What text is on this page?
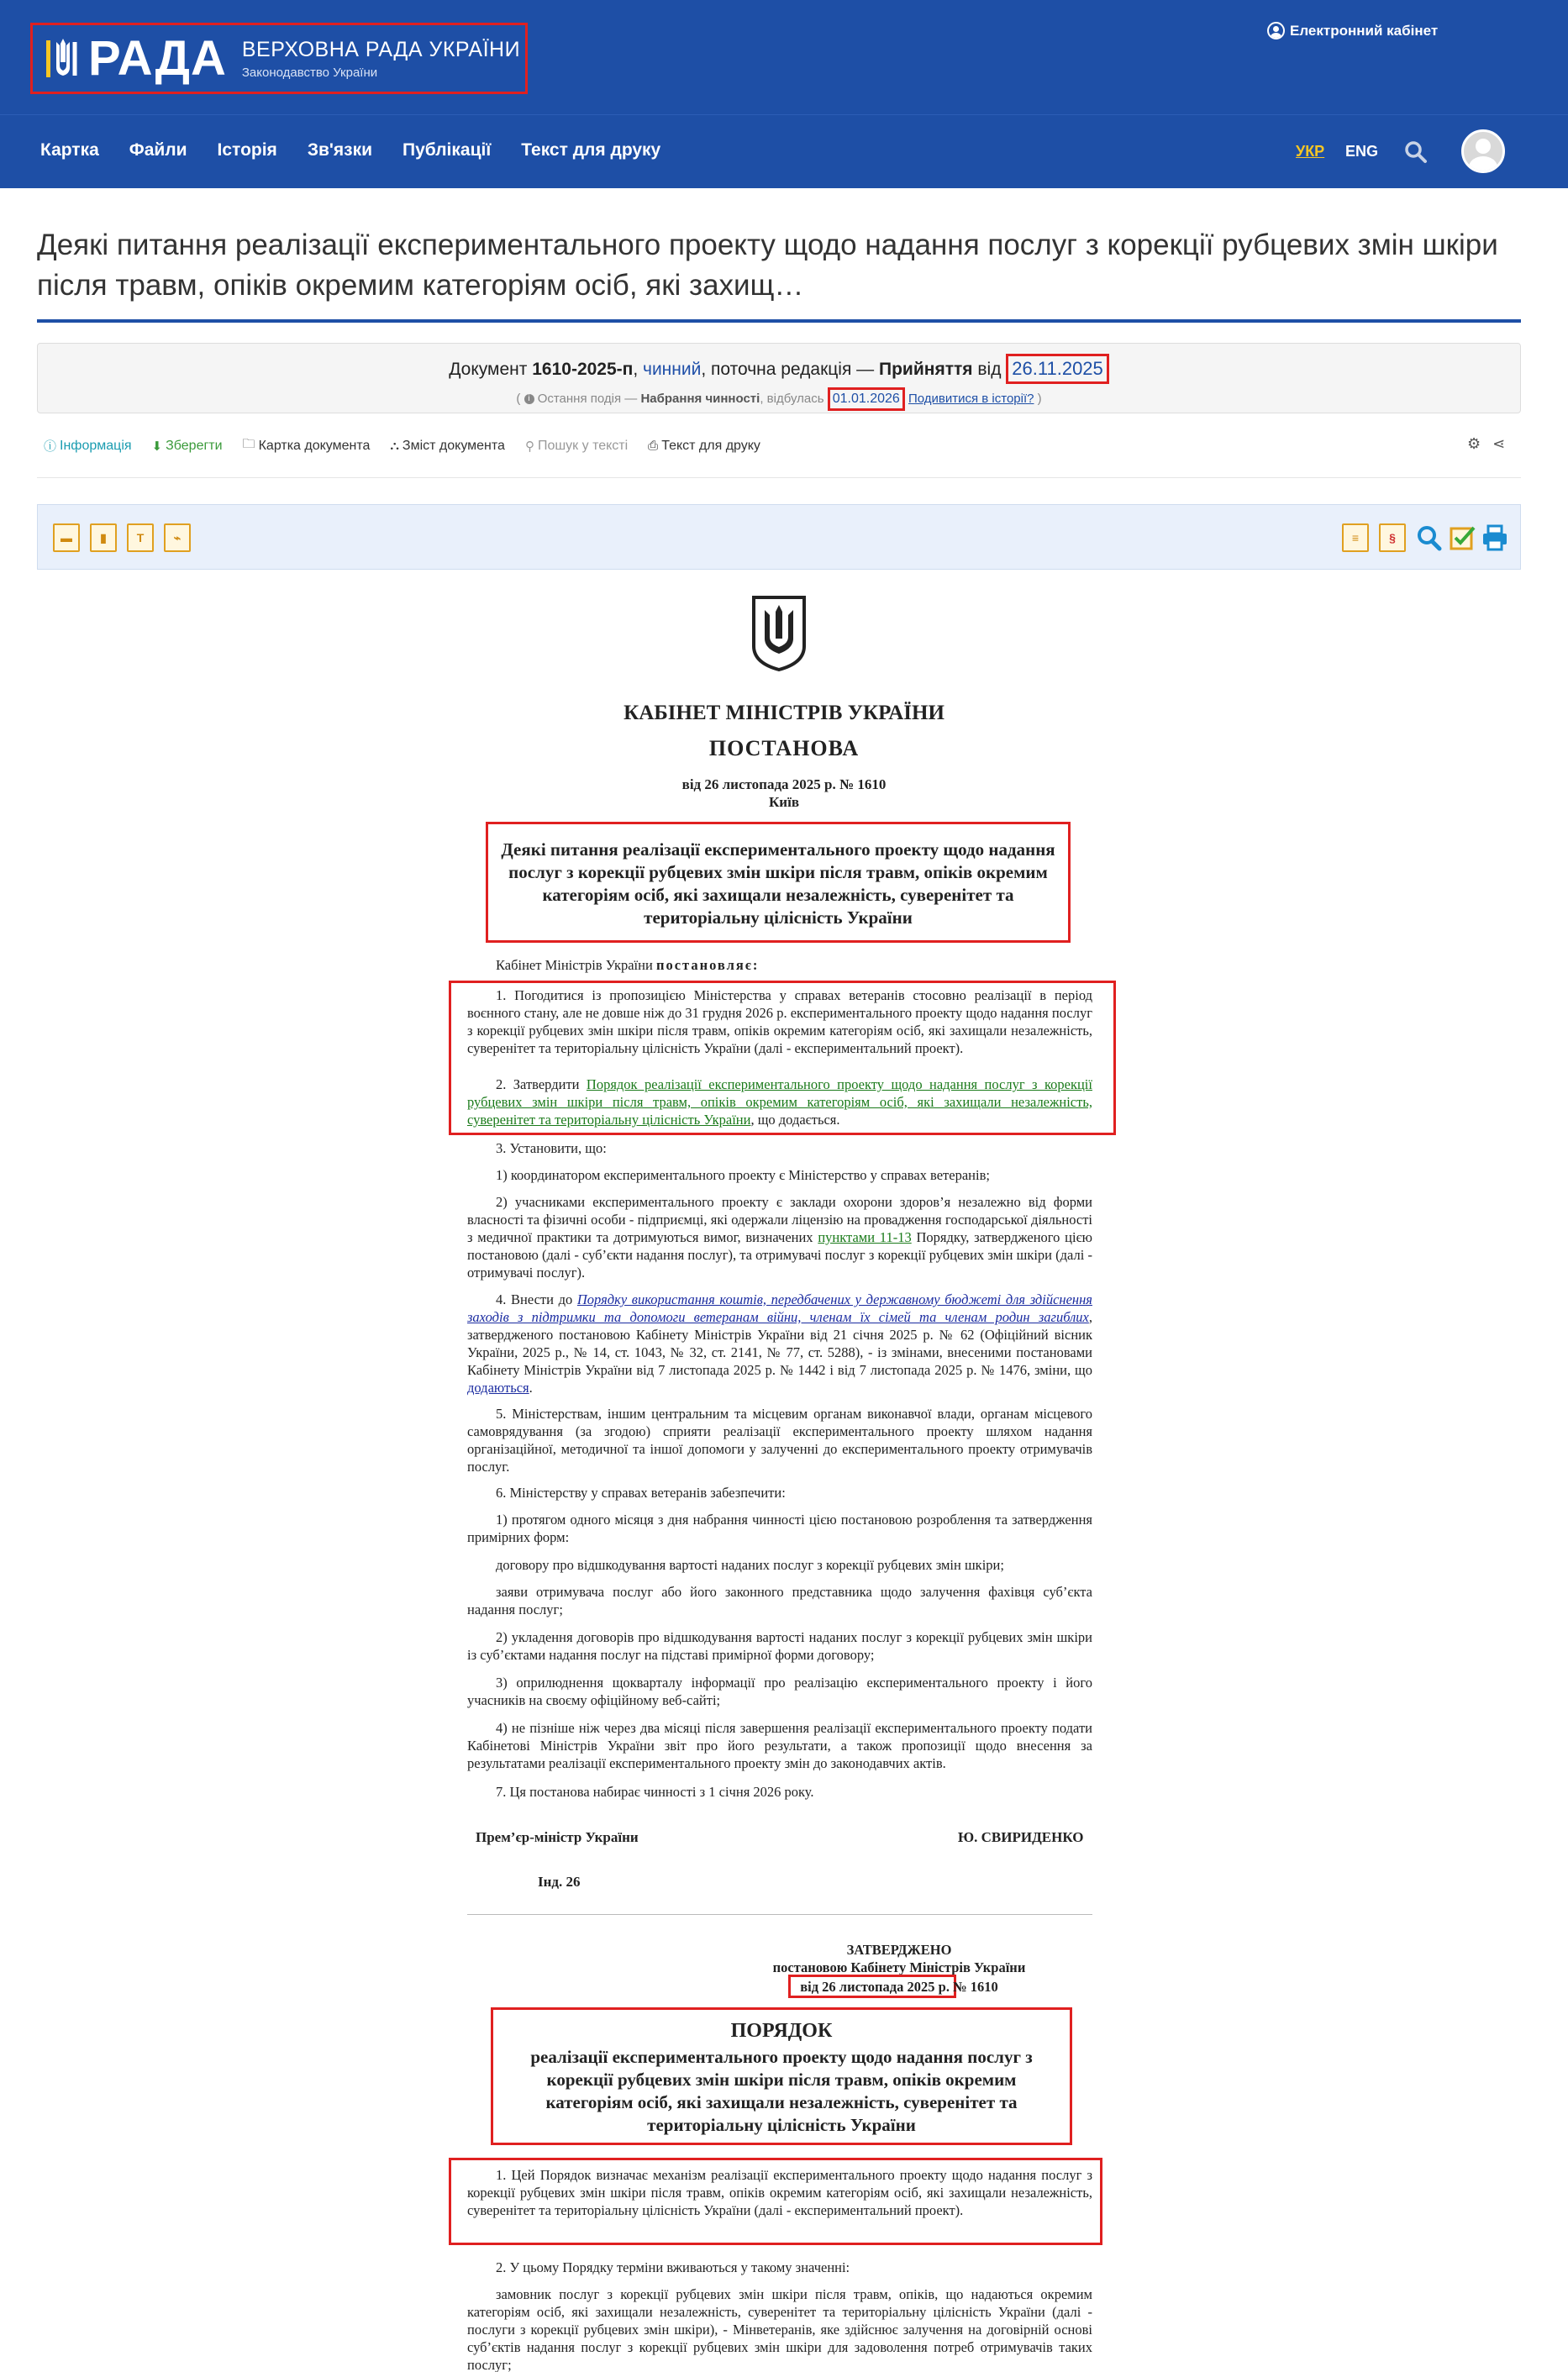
РАДА ВЕРХОВНА РАДА УКРАЇНИ
Законодавство України
Електронний кабінет
Картка Файли Історія Зв'язки Публікації Текст для друку	УКР ENG
Деякі питання реалізації експериментального проекту щодо надання послуг з корекції рубцевих змін шкіри після травм, опіків окремим категоріям осіб, які захищ…
Документ 1610-2025-п, чинний, поточна редакція — Прийняття від 26.11.2025
( i Остання подія — Набрання чинності, відбулась 01.01.2026 Подивитися в історії? )
ⓘ Інформація ⬇ Зберегти 🗀 Картка документа ⛬ Зміст документа ⚲ Пошук у тексті ⎙ Текст для друку	⚙ ⋖
▬	▮	T	⌁	≡	§
КАБІНЕТ МІНІСТРІВ УКРАЇНИ
ПОСТАНОВА
від 26 листопада 2025 р. № 1610
Київ
Деякі питання реалізації експериментального проекту щодо надання послуг з корекції рубцевих змін шкіри після травм, опіків окремим категоріям осіб, які захищали незалежність, суверенітет та територіальну цілісність України
Кабінет Міністрів України постановляє:
1. Погодитися із пропозицією Міністерства у справах ветеранів стосовно реалізації в період воєнного стану, але не довше ніж до 31 грудня 2026 р. експериментального проекту щодо надання послуг з корекції рубцевих змін шкіри після травм, опіків окремим категоріям осіб, які захищали незалежність, суверенітет та територіальну цілісність України (далі - експериментальний проект).
2. Затвердити Порядок реалізації експериментального проекту щодо надання послуг з корекції рубцевих змін шкіри після травм, опіків окремим категоріям осіб, які захищали незалежність, суверенітет та територіальну цілісність України, що додається.
3. Установити, що:
1) координатором експериментального проекту є Міністерство у справах ветеранів;
2) учасниками експериментального проекту є заклади охорони здоров’я незалежно від форми власності та фізичні особи - підприємці, які одержали ліцензію на провадження господарської діяльності з медичної практики та дотримуються вимог, визначених пунктами 11-13 Порядку, затвердженого цією постановою (далі - суб’єкти надання послуг), та отримувачі послуг з корекції рубцевих змін шкіри (далі - отримувачі послуг).
4. Внести до Порядку використання коштів, передбачених у державному бюджеті для здійснення заходів з підтримки та допомоги ветеранам війни, членам їх сімей та членам родин загиблих, затвердженого постановою Кабінету Міністрів України від 21 січня 2025 р. № 62 (Офіційний вісник України, 2025 р., № 14, ст. 1043, № 32, ст. 2141, № 77, ст. 5288), - із змінами, внесеними постановами Кабінету Міністрів України від 7 листопада 2025 р. № 1442 і від 7 листопада 2025 р. № 1476, зміни, що додаються.
5. Міністерствам, іншим центральним та місцевим органам виконавчої влади, органам місцевого самоврядування (за згодою) сприяти реалізації експериментального проекту шляхом надання організаційної, методичної та іншої допомоги у залученні до експериментального проекту отримувачів послуг.
6. Міністерству у справах ветеранів забезпечити:
1) протягом одного місяця з дня набрання чинності цією постановою розроблення та затвердження примірних форм:
договору про відшкодування вартості наданих послуг з корекції рубцевих змін шкіри;
заяви отримувача послуг або його законного представника щодо залучення фахівця суб’єкта надання послуг;
2) укладення договорів про відшкодування вартості наданих послуг з корекції рубцевих змін шкіри із суб’єктами надання послуг на підставі примірної форми договору;
3) оприлюднення щокварталу інформації про реалізацію експериментального проекту і його учасників на своєму офіційному веб-сайті;
4) не пізніше ніж через два місяці після завершення реалізації експериментального проекту подати Кабінетові Міністрів України звіт про його результати, а також пропозиції щодо внесення за результатами реалізації експериментального проекту змін до законодавчих актів.
7. Ця постанова набирає чинності з 1 січня 2026 року.
Прем’єр-міністр України	Ю. СВИРИДЕНКО
Інд. 26
ЗАТВЕРДЖЕНО
постановою Кабінету Міністрів України
від 26 листопада 2025 р. № 1610
ПОРЯДОК
реалізації експериментального проекту щодо надання послуг з корекції рубцевих змін шкіри після травм, опіків окремим категоріям осіб, які захищали незалежність, суверенітет та територіальну цілісність України
1. Цей Порядок визначає механізм реалізації експериментального проекту щодо надання послуг з корекції рубцевих змін шкіри після травм, опіків окремим категоріям осіб, які захищали незалежність, суверенітет та територіальну цілісність України (далі - експериментальний проект).
2. У цьому Порядку терміни вживаються у такому значенні:
замовник послуг з корекції рубцевих змін шкіри після травм, опіків, що надаються окремим категоріям осіб, які захищали незалежність, суверенітет та територіальну цілісність України (далі - послуги з корекції рубцевих змін шкіри), - Мінветеранів, яке здійснює залучення на договірній основі суб’єктів надання послуг з корекції рубцевих змін шкіри для задоволення потреб отримувачів таких послуг;
